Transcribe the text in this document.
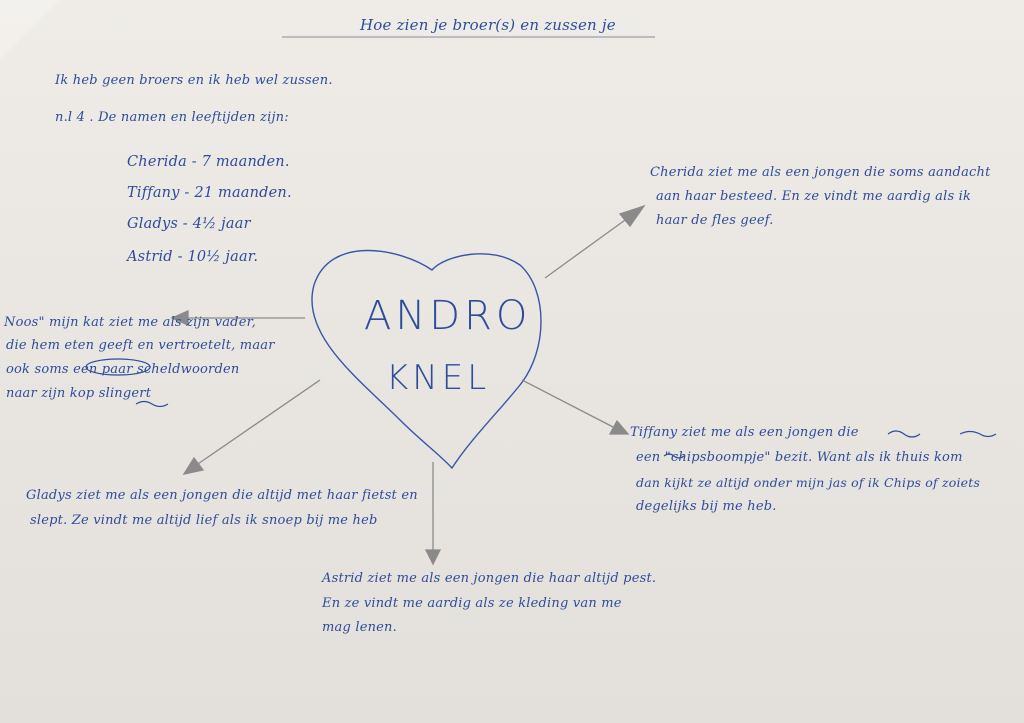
Hoe zien je broer(s) en zussen je
Ik heb geen broers en ik heb wel zussen.
n.l 4 . De namen en leeftijden zijn:
Cherida - 7 maanden.
Tiffany - 21 maanden.
Gladys - 4½ jaar
Astrid - 10½ jaar.
ANDRO
KNEL
Cherida ziet me als een jongen die soms aandacht
aan haar besteed. En ze vindt me aardig als ik
haar de fles geef.
Noos" mijn kat ziet me als zijn vader,
die hem eten geeft en vertroetelt, maar
ook soms een paar scheldwoorden
naar zijn kop slingert
Tiffany ziet me als een jongen die
een "chipsboompje" bezit. Want als ik thuis kom
dan kijkt ze altijd onder mijn jas of ik Chips of zoiets
degelijks bij me heb.
Gladys ziet me als een jongen die altijd met haar fietst en
slept. Ze vindt me altijd lief als ik snoep bij me heb
Astrid ziet me als een jongen die haar altijd pest.
En ze vindt me aardig als ze kleding van me
mag lenen.
